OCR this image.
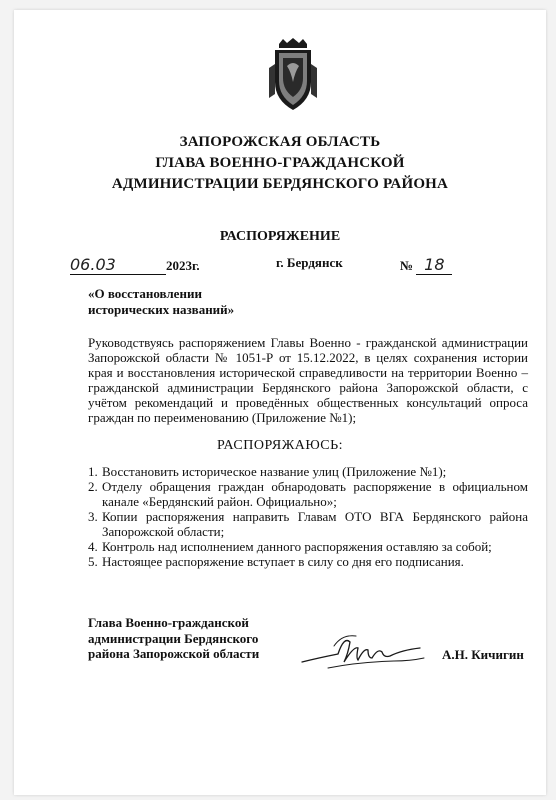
ЗАПОРОЖСКАЯ ОБЛАСТЬ
ГЛАВА ВОЕННО-ГРАЖДАНСКОЙ
АДМИНИСТРАЦИИ БЕРДЯНСКОГО РАЙОНА
РАСПОРЯЖЕНИЕ
06.03	2023г.	г. Бердянск	№ 18
«О восстановлении
исторических названий»
Руководствуясь распоряжением Главы Военно - гражданской администрации Запорожской области № 1051-Р от 15.12.2022, в целях сохранения истории края и восстановления исторической справедливости на территории Военно – гражданской администрации Бердянского района Запорожской области, с учётом рекомендаций и проведённых общественных консультаций опроса граждан по переименованию (Приложение №1);
РАСПОРЯЖАЮСЬ:
1. Восстановить историческое название улиц (Приложение №1);
2. Отделу обращения граждан обнародовать распоряжение в официальном канале «Бердянский район. Официально»;
3. Копии распоряжения направить Главам ОТО ВГА Бердянского района Запорожской области;
4. Контроль над исполнением данного распоряжения оставляю за собой;
5. Настоящее распоряжение вступает в силу со дня его подписания.
Глава Военно-гражданской
администрации Бердянского
района Запорожской области	А.Н. Кичигин
